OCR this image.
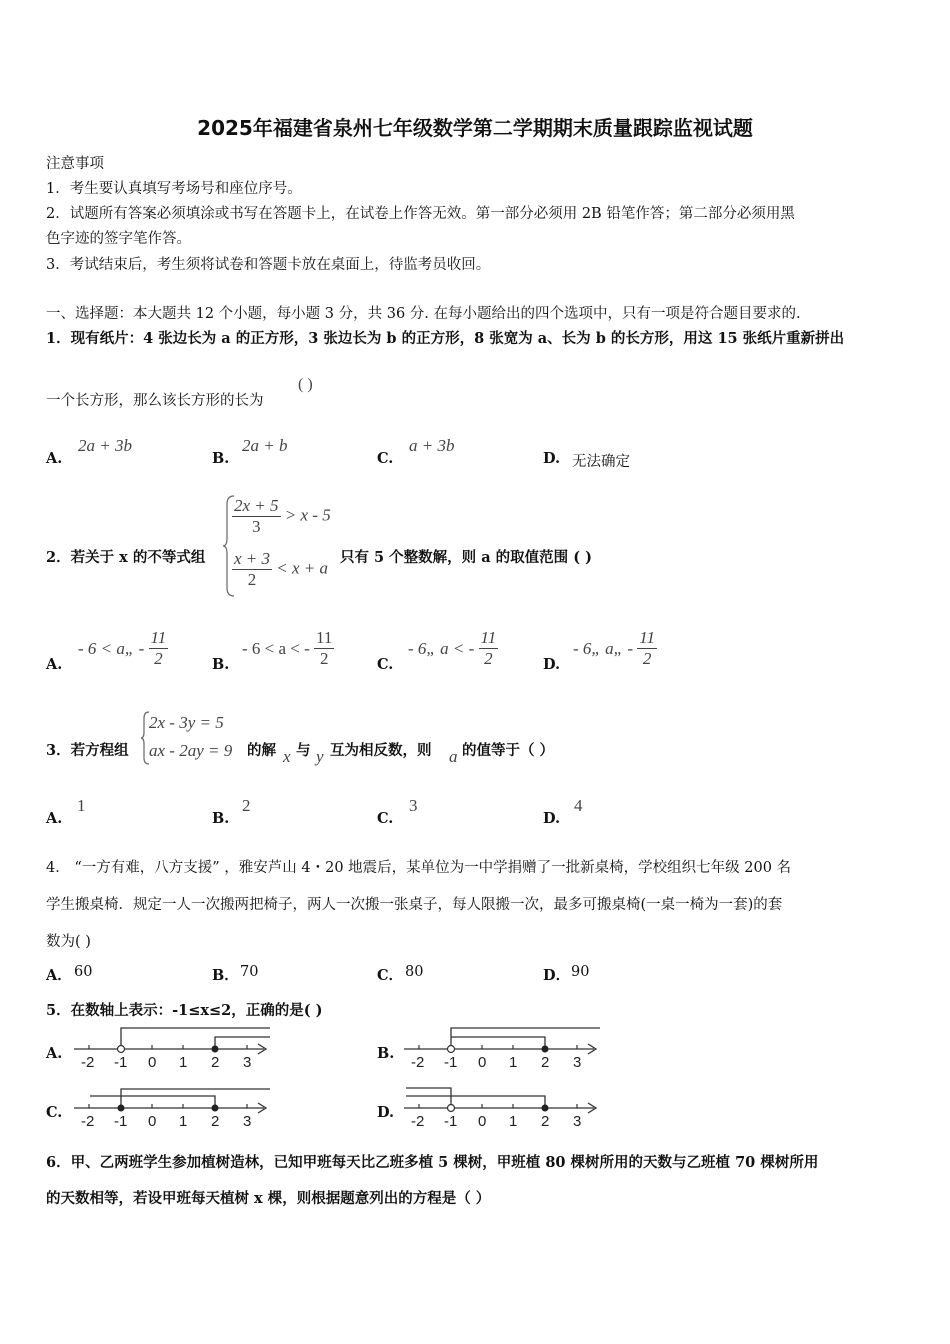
2025年福建省泉州七年级数学第二学期期末质量跟踪监视试题
注意事项
1．考生要认真填写考场号和座位序号。
2．试题所有答案必须填涂或书写在答题卡上，在试卷上作答无效。第一部分必须用 2B 铅笔作答；第二部分必须用黑
色字迹的签字笔作答。
3．考试结束后，考生须将试卷和答题卡放在桌面上，待监考员收回。
一、选择题：本大题共 12 个小题，每小题 3 分，共 36 分. 在每小题给出的四个选项中，只有一项是符合题目要求的.
1．现有纸片：4 张边长为 a 的正方形，3 张边长为 b 的正方形，8 张宽为 a、长为 b 的长方形，用这 15 张纸片重新拼出
一个长方形，那么该长方形的长为
( )
A.
2a + 3b
B.
2a + b
C.
a + 3b
D. 无法确定
2．若关于 x 的不等式组
$\frac{2x + 5}{3} > x - 5$
$\frac{x + 3}{2} < x + a$
只有 5 个整数解，则 a 的取值范围 ( )
A.
- 6 < a„ - $\frac{11}{2}$	B.
- 6 < a < - $\frac{11}{2}$	C.
- 6„ a < - $\frac{11}{2}$	D.
- 6„ a„ - $\frac{11}{2}$
3．若方程组
2x - 3y = 5
ax - 2ay = 9 的解 x 与 y 互为相反数，则 a 的值等于（ ）
A.
1
B.
2
C.
3
D.
4
4． “一方有难，八方支援” ，雅安芦山 4・20 地震后，某单位为一中学捐赠了一批新桌椅，学校组织七年级 200 名
学生搬桌椅．规定一人一次搬两把椅子，两人一次搬一张桌子，每人限搬一次，最多可搬桌椅(一桌一椅为一套)的套
数为( )
A． 60	B． 70	C． 80	D． 90
5．在数轴上表示：-1≤x≤2，正确的是( )
A.
-2 -1 0 1 2 3
B.
-2 -1 0 1 2 3
C.
-2 -1 0 1 2 3
D.
-2 -1 0 1 2 3
6．甲、乙两班学生参加植树造林，已知甲班每天比乙班多植 5 棵树，甲班植 80 棵树所用的天数与乙班植 70 棵树所用
的天数相等，若设甲班每天植树 x 棵，则根据题意列出的方程是（ ）
